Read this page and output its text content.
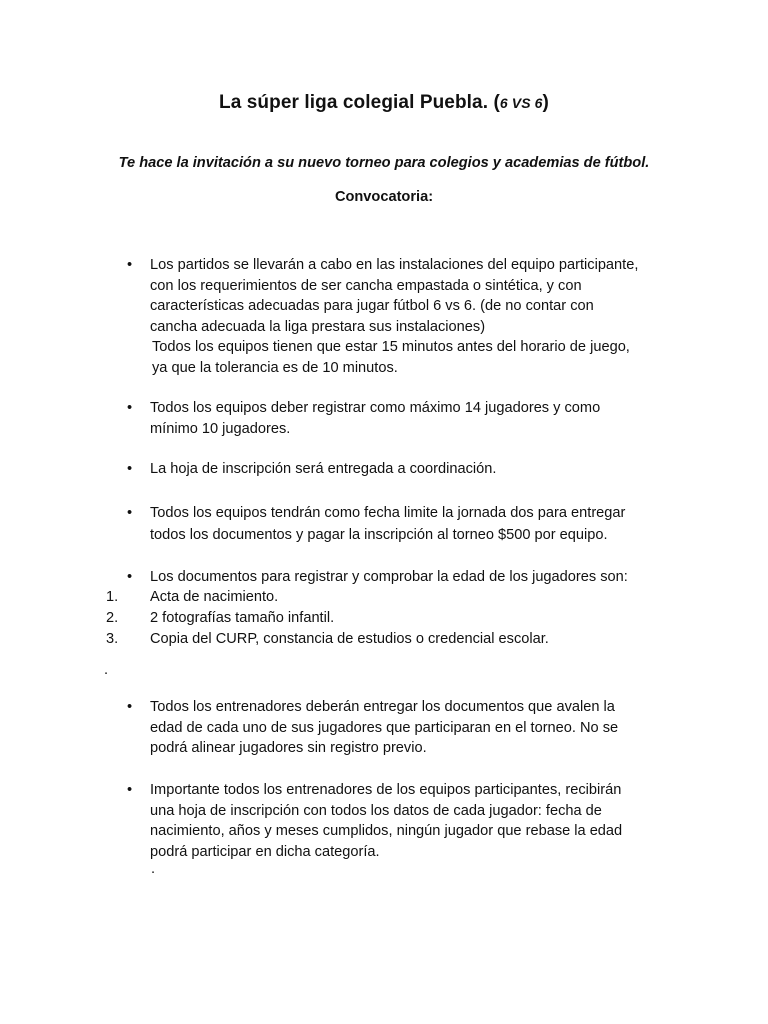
La súper liga colegial Puebla. (6 VS 6)
Te hace la invitación a su nuevo torneo para colegios y academias de fútbol.
Convocatoria:
• Los partidos se llevarán a cabo en las instalaciones del equipo participante,
con los requerimientos de ser cancha empastada o sintética, y con
características adecuadas para jugar fútbol 6 vs 6. (de no contar con
cancha adecuada la liga prestara sus instalaciones)
Todos los equipos tienen que estar 15 minutos antes del horario de juego,
ya que la tolerancia es de 10 minutos.
• Todos los equipos deber registrar como máximo 14 jugadores y como
mínimo 10 jugadores.
• La hoja de inscripción será entregada a coordinación.
• Todos los equipos tendrán como fecha limite la jornada dos para entregar
todos los documentos y pagar la inscripción al torneo $500 por equipo.
• Los documentos para registrar y comprobar la edad de los jugadores son:
1. Acta de nacimiento.
2. 2 fotografías tamaño infantil.
3. Copia del CURP, constancia de estudios o credencial escolar.
.
• Todos los entrenadores deberán entregar los documentos que avalen la
edad de cada uno de sus jugadores que participaran en el torneo. No se
podrá alinear jugadores sin registro previo.
• Importante todos los entrenadores de los equipos participantes, recibirán
una hoja de inscripción con todos los datos de cada jugador: fecha de
nacimiento, años y meses cumplidos, ningún jugador que rebase la edad
podrá participar en dicha categoría.
.
